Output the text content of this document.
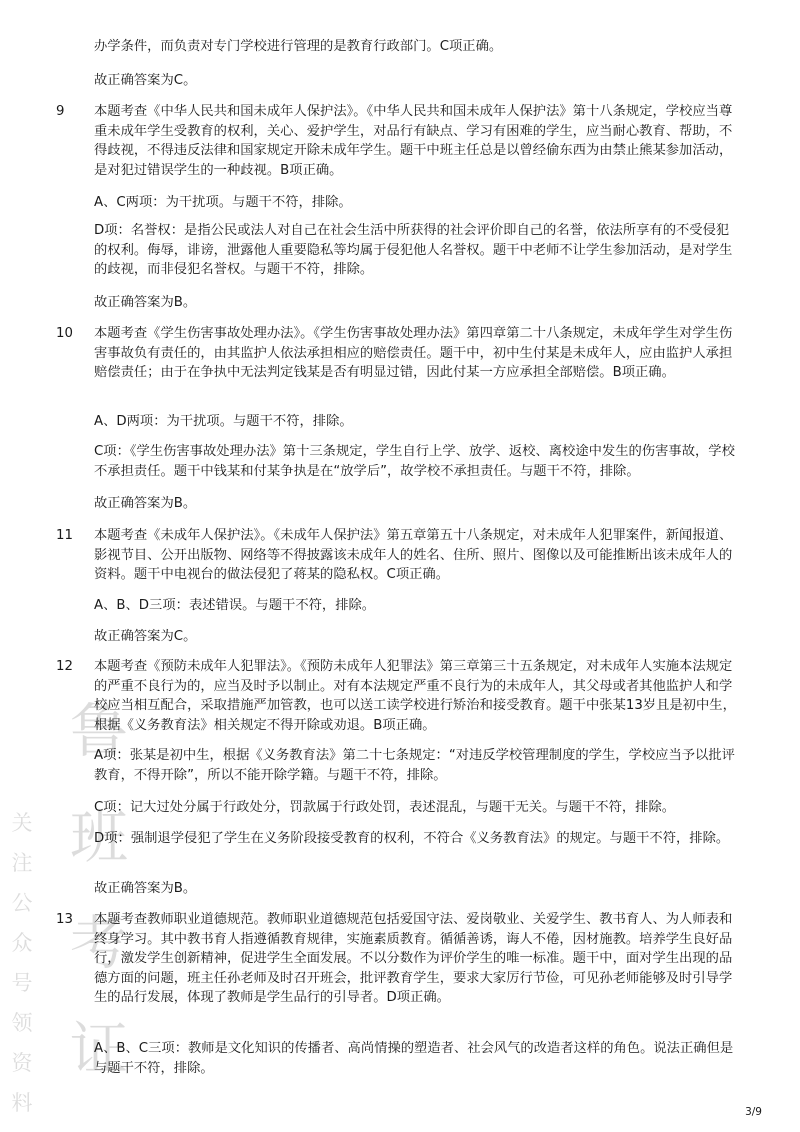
鲁
班
考
证
关
注
公
众
号
领
资
料

办学条件，而负责对专门学校进行管理的是教育行政部门。C项正确。

故正确答案为C。

9 本题考查《中华人民共和国未成年人保护法》。《中华人民共和国未成年人保护法》第十八条规定，学校应当尊重未成年学生受教育的权利，关心、爱护学生，对品行有缺点、学习有困难的学生，应当耐心教育、帮助，不得歧视，不得违反法律和国家规定开除未成年学生。题干中班主任总是以曾经偷东西为由禁止熊某参加活动，是对犯过错误学生的一种歧视。B项正确。

A、C两项：为干扰项。与题干不符，排除。

D项：名誉权：是指公民或法人对自己在社会生活中所获得的社会评价即自己的名誉，依法所享有的不受侵犯的权利。侮辱，诽谤，泄露他人重要隐私等均属于侵犯他人名誉权。题干中老师不让学生参加活动，是对学生的歧视，而非侵犯名誉权。与题干不符，排除。

故正确答案为B。

10 本题考查《学生伤害事故处理办法》。《学生伤害事故处理办法》第四章第二十八条规定，未成年学生对学生伤害事故负有责任的，由其监护人依法承担相应的赔偿责任。题干中，初中生付某是未成年人，应由监护人承担赔偿责任；由于在争执中无法判定钱某是否有明显过错，因此付某一方应承担全部赔偿。B项正确。

A、D两项：为干扰项。与题干不符，排除。

C项：《学生伤害事故处理办法》第十三条规定，学生自行上学、放学、返校、离校途中发生的伤害事故，学校不承担责任。题干中钱某和付某争执是在“放学后”，故学校不承担责任。与题干不符，排除。

故正确答案为B。

11 本题考查《未成年人保护法》。《未成年人保护法》第五章第五十八条规定，对未成年人犯罪案件，新闻报道、影视节目、公开出版物、网络等不得披露该未成年人的姓名、住所、照片、图像以及可能推断出该未成年人的资料。题干中电视台的做法侵犯了蒋某的隐私权。C项正确。

A、B、D三项：表述错误。与题干不符，排除。

故正确答案为C。

12 本题考查《预防未成年人犯罪法》。《预防未成年人犯罪法》第三章第三十五条规定，对未成年人实施本法规定的严重不良行为的，应当及时予以制止。对有本法规定严重不良行为的未成年人，其父母或者其他监护人和学校应当相互配合，采取措施严加管教，也可以送工读学校进行矫治和接受教育。题干中张某13岁且是初中生，根据《义务教育法》相关规定不得开除或劝退。B项正确。

A项：张某是初中生，根据《义务教育法》第二十七条规定：“对违反学校管理制度的学生，学校应当予以批评教育，不得开除”，所以不能开除学籍。与题干不符，排除。

C项：记大过处分属于行政处分，罚款属于行政处罚，表述混乱，与题干无关。与题干不符，排除。

D项：强制退学侵犯了学生在义务阶段接受教育的权利，不符合《义务教育法》的规定。与题干不符，排除。

故正确答案为B。

13 本题考查教师职业道德规范。教师职业道德规范包括爱国守法、爱岗敬业、关爱学生、教书育人、为人师表和终身学习。其中教书育人指遵循教育规律，实施素质教育。循循善诱，诲人不倦，因材施教。培养学生良好品行，激发学生创新精神，促进学生全面发展。不以分数作为评价学生的唯一标准。题干中，面对学生出现的品德方面的问题，班主任孙老师及时召开班会，批评教育学生，要求大家厉行节俭，可见孙老师能够及时引导学生的品行发展，体现了教师是学生品行的引导者。D项正确。

A、B、C三项：教师是文化知识的传播者、高尚情操的塑造者、社会风气的改造者这样的角色。说法正确但是与题干不符，排除。

3/9
